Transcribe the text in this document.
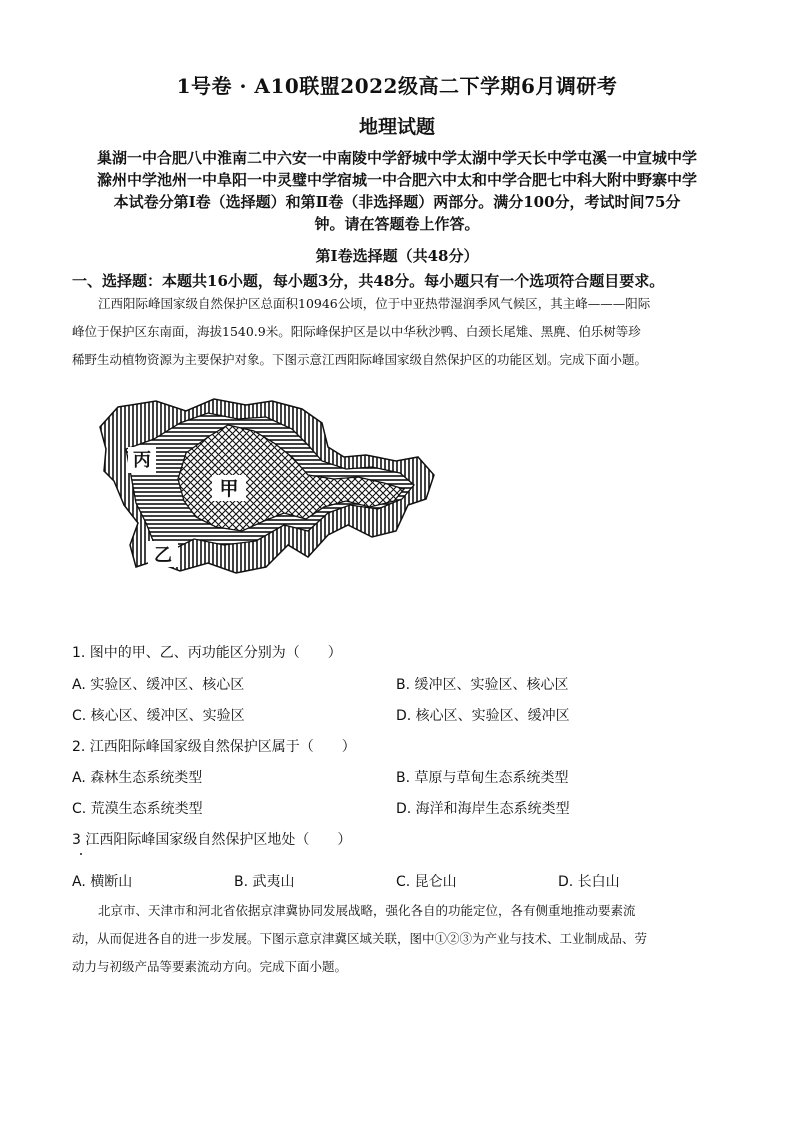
1号卷 · A10联盟2022级高二下学期6月调研考
地理试题
巢湖一中合肥八中淮南二中六安一中南陵中学舒城中学太湖中学天长中学屯溪一中宣城中学
滁州中学池州一中阜阳一中灵璧中学宿城一中合肥六中太和中学合肥七中科大附中野寨中学
本试卷分第Ⅰ卷（选择题）和第Ⅱ卷（非选择题）两部分。满分100分，考试时间75分
钟。请在答题卷上作答。
第Ⅰ卷选择题（共48分）
一、选择题：本题共16小题，每小题3分，共48分。每小题只有一个选项符合题目要求。
江西阳际峰国家级自然保护区总面积10946公顷，位于中亚热带湿润季风气候区，其主峰———阳际
峰位于保护区东南面，海拔1540.9米。阳际峰保护区是以中华秋沙鸭、白颈长尾雉、黑麂、伯乐树等珍
稀野生动植物资源为主要保护对象。下图示意江西阳际峰国家级自然保护区的功能区划。完成下面小题。
甲
丙
乙
1. 图中的甲、乙、丙功能区分别为（　　）
A. 实验区、缓冲区、核心区	B. 缓冲区、实验区、核心区
C. 核心区、缓冲区、实验区	D. 核心区、实验区、缓冲区
2. 江西阳际峰国家级自然保护区属于（　　）
A. 森林生态系统类型	B. 草原与草甸生态系统类型
C. 荒漠生态系统类型	D. 海洋和海岸生态系统类型
3 江西阳际峰国家级自然保护区地处（　　）
A. 横断山	B. 武夷山	C. 昆仑山	D. 长白山
北京市、天津市和河北省依据京津冀协同发展战略，强化各自的功能定位，各有侧重地推动要素流
动，从而促进各自的进一步发展。下图示意京津冀区域关联，图中①②③为产业与技术、工业制成品、劳
动力与初级产品等要素流动方向。完成下面小题。
